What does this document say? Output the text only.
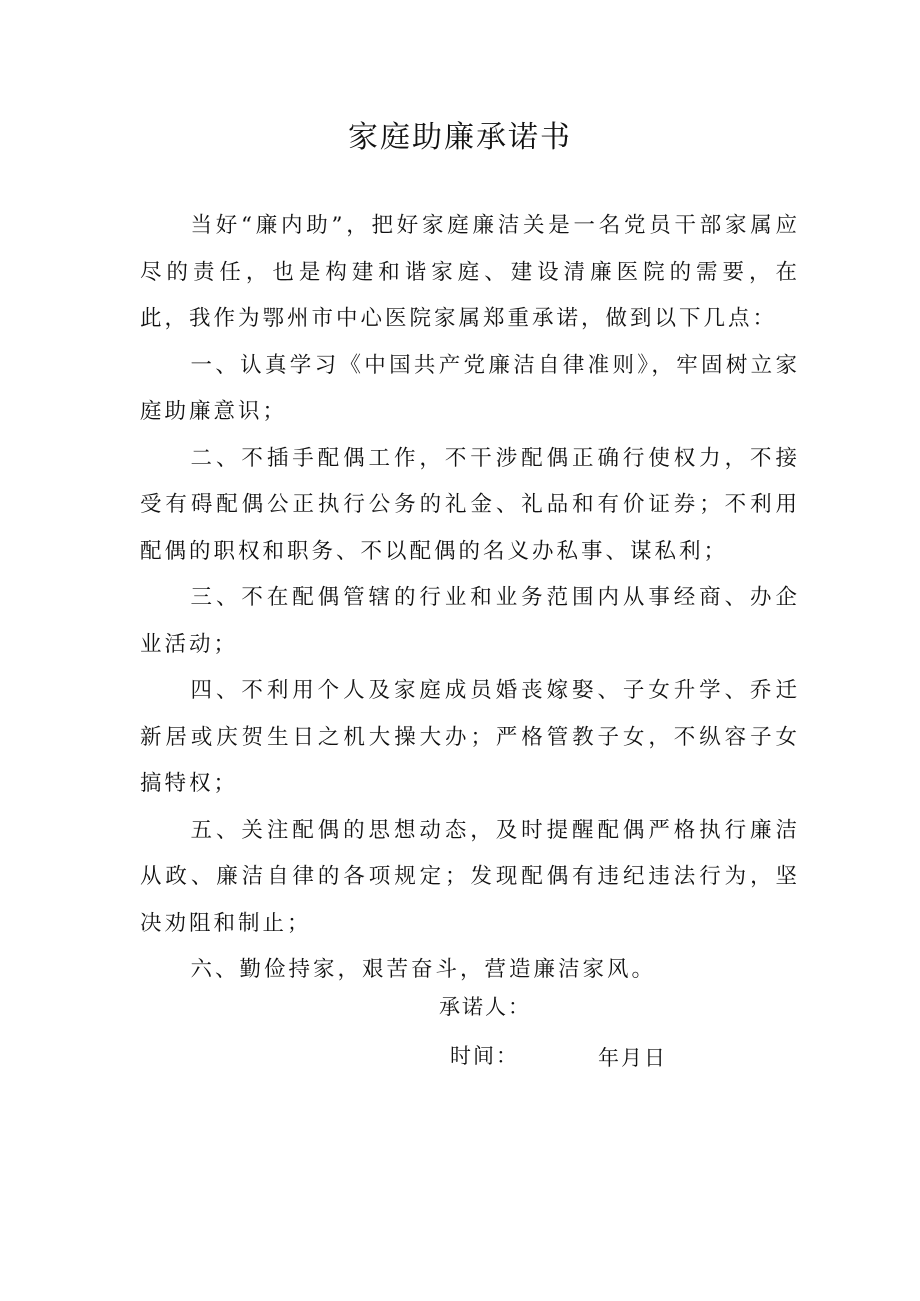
家庭助廉承诺书

当好“廉内助”，把好家庭廉洁关是一名党员干部家属应尽的责任，也是构建和谐家庭、建设清廉医院的需要，在此，我作为鄂州市中心医院家属郑重承诺，做到以下几点：

一、认真学习《中国共产党廉洁自律准则》，牢固树立家庭助廉意识；

二、不插手配偶工作，不干涉配偶正确行使权力，不接受有碍配偶公正执行公务的礼金、礼品和有价证券；不利用配偶的职权和职务、不以配偶的名义办私事、谋私利；

三、不在配偶管辖的行业和业务范围内从事经商、办企业活动；

四、不利用个人及家庭成员婚丧嫁娶、子女升学、乔迁新居或庆贺生日之机大操大办；严格管教子女，不纵容子女搞特权；

五、关注配偶的思想动态，及时提醒配偶严格执行廉洁从政、廉洁自律的各项规定；发现配偶有违纪违法行为，坚决劝阻和制止；

六、勤俭持家，艰苦奋斗，营造廉洁家风。

承诺人：
时间：	年月日
